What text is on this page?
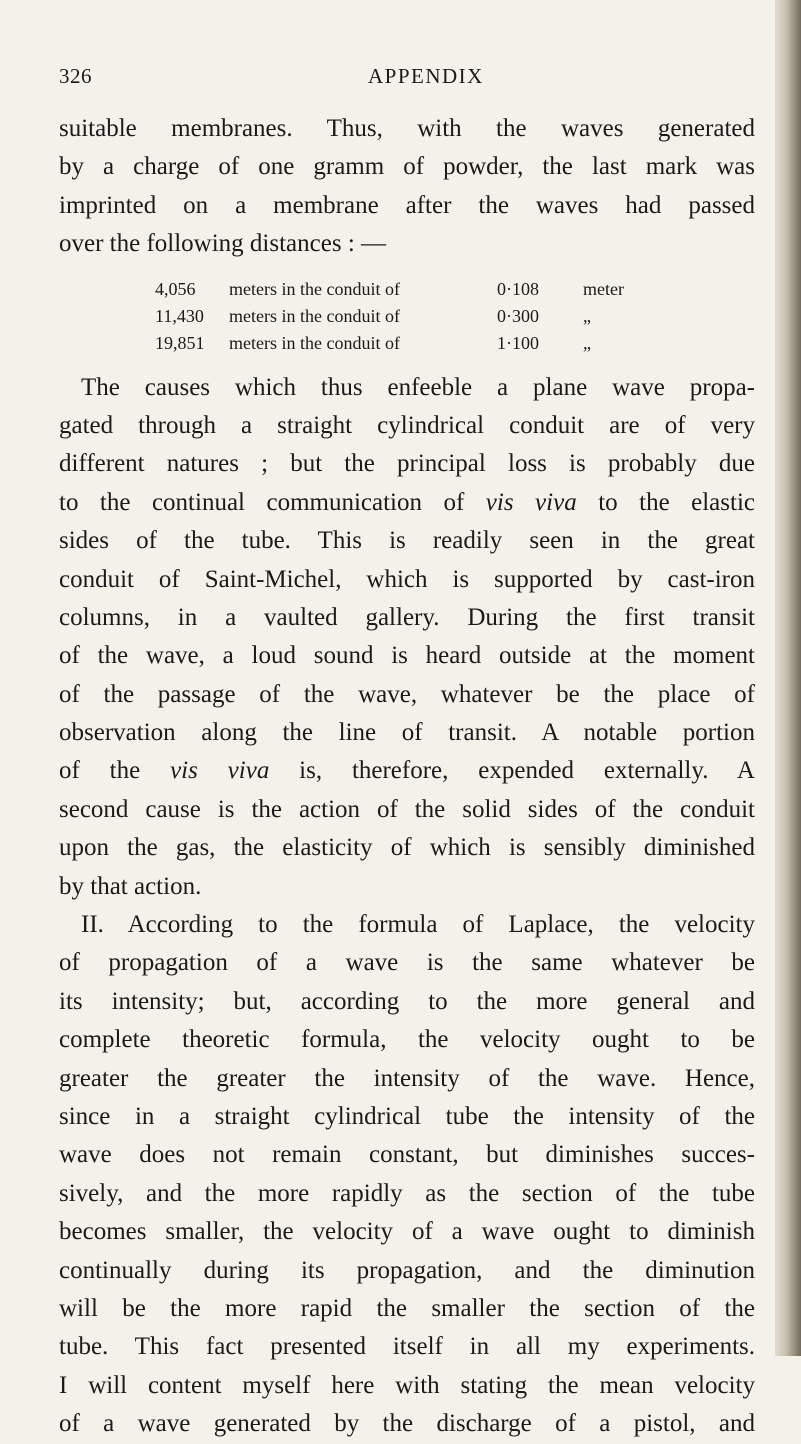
326	APPENDIX
suitable membranes. Thus, with the waves generated
by a charge of one gramm of powder, the last mark was
imprinted on a membrane after the waves had passed
over the following distances : —
4,056	meters in the conduit of	0·108	meter
11,430	meters in the conduit of	0·300	„
19,851	meters in the conduit of	1·100	„
The causes which thus enfeeble a plane wave propa-
gated through a straight cylindrical conduit are of very
different natures ; but the principal loss is probably due
to the continual communication of vis viva to the elastic
sides of the tube. This is readily seen in the great
conduit of Saint-Michel, which is supported by cast-iron
columns, in a vaulted gallery. During the first transit
of the wave, a loud sound is heard outside at the moment
of the passage of the wave, whatever be the place of
observation along the line of transit. A notable portion
of the vis viva is, therefore, expended externally. A
second cause is the action of the solid sides of the conduit
upon the gas, the elasticity of which is sensibly diminished
by that action.
II. According to the formula of Laplace, the velocity
of propagation of a wave is the same whatever be
its intensity; but, according to the more general and
complete theoretic formula, the velocity ought to be
greater the greater the intensity of the wave. Hence,
since in a straight cylindrical tube the intensity of the
wave does not remain constant, but diminishes succes-
sively, and the more rapidly as the section of the tube
becomes smaller, the velocity of a wave ought to diminish
continually during its propagation, and the diminution
will be the more rapid the smaller the section of the
tube. This fact presented itself in all my experiments.
I will content myself here with stating the mean velocity
of a wave generated by the discharge of a pistol, and
